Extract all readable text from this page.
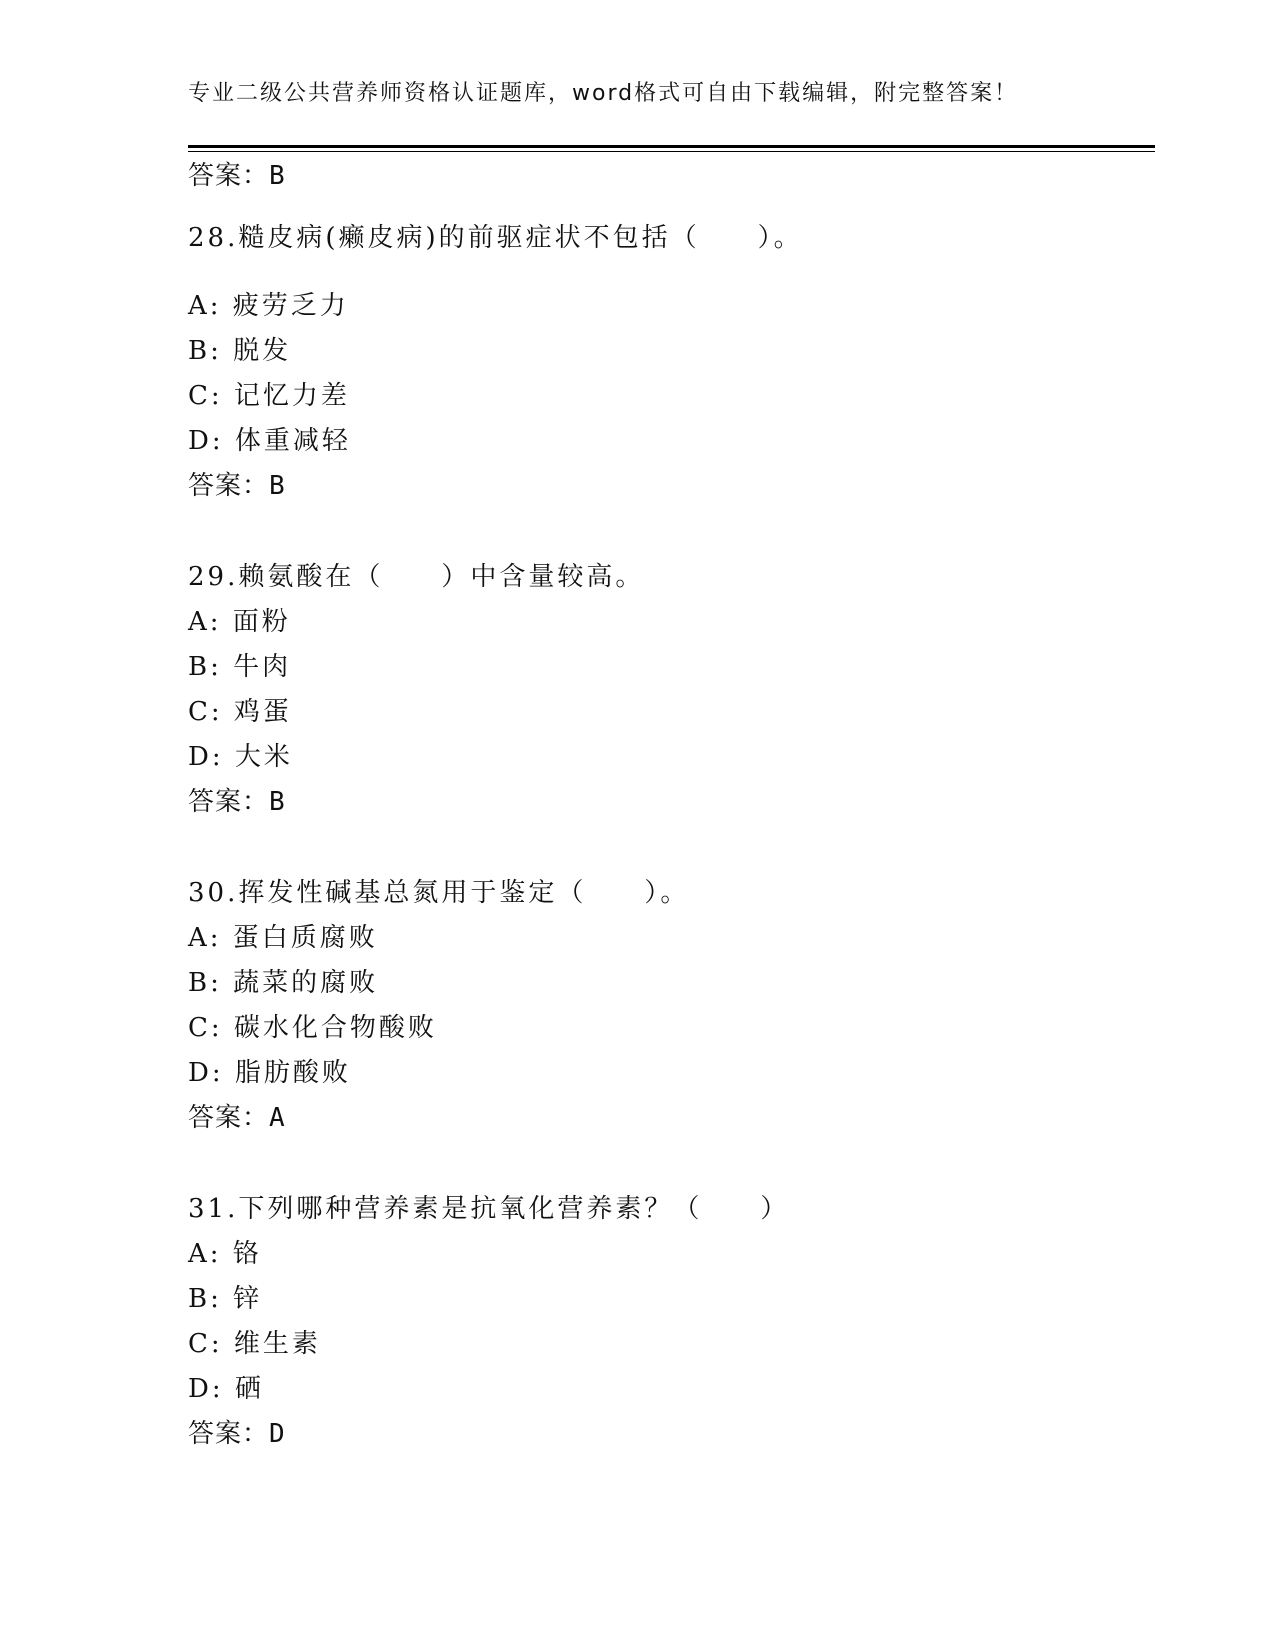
专业二级公共营养师资格认证题库，word格式可自由下载编辑，附完整答案！
答案：B
28.糙皮病(癞皮病)的前驱症状不包括（　　）。
A: 疲劳乏力
B: 脱发
C: 记忆力差
D: 体重减轻
答案：B
29.赖氨酸在（　　）中含量较高。
A: 面粉
B: 牛肉
C: 鸡蛋
D: 大米
答案：B
30.挥发性碱基总氮用于鉴定（　　）。
A: 蛋白质腐败
B: 蔬菜的腐败
C: 碳水化合物酸败
D: 脂肪酸败
答案：A
31.下列哪种营养素是抗氧化营养素？（　　）
A: 铬
B: 锌
C: 维生素
D: 硒
答案：D
